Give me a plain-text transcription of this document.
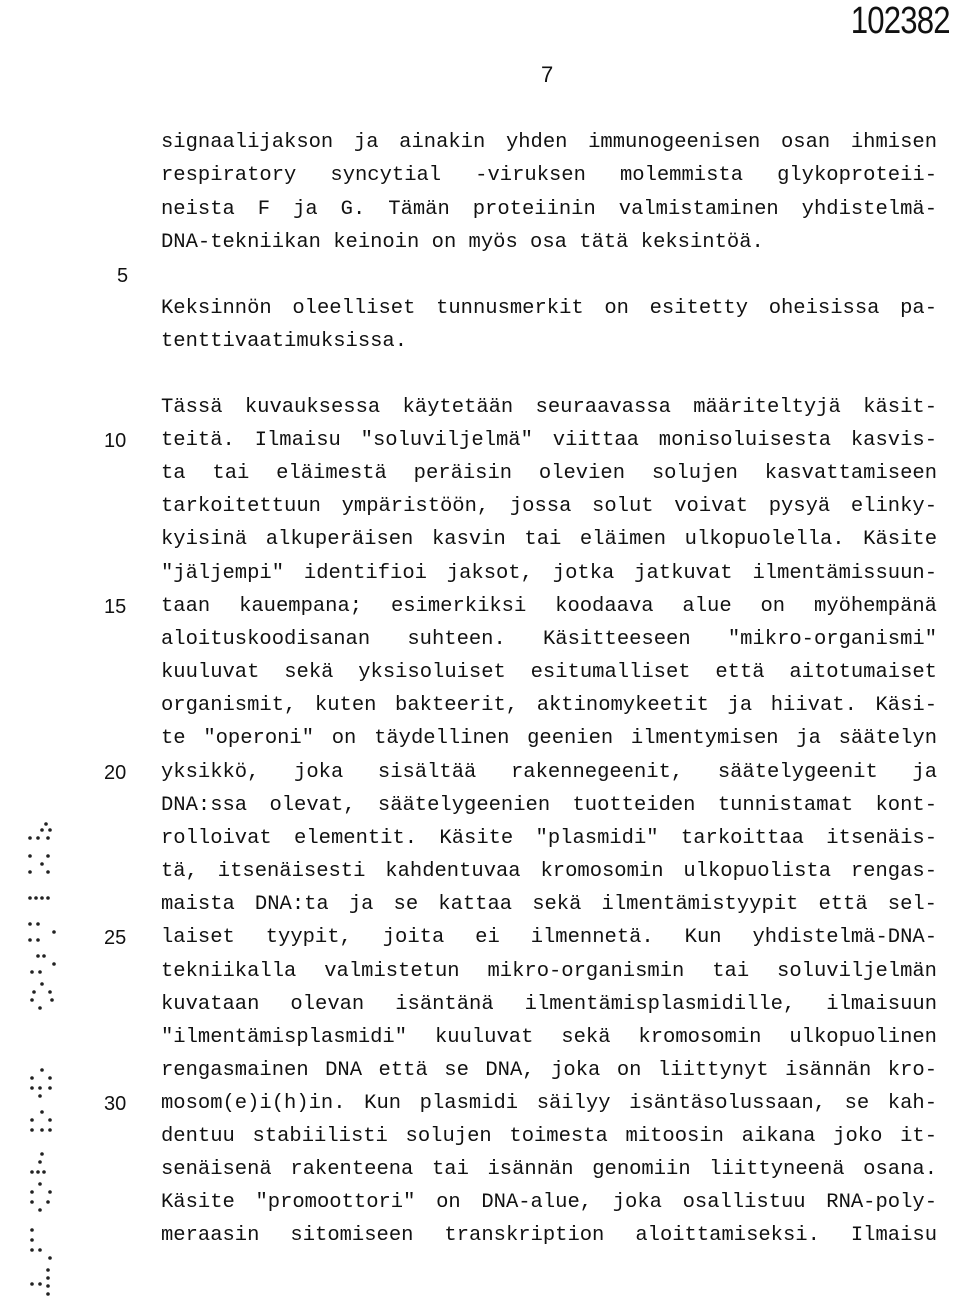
102382
7
signaalijakson ja ainakin yhden immunogeenisen osan ihmisen
respiratory syncytial -viruksen molemmista glykoproteii-
neista F ja G. Tämän proteiinin valmistaminen yhdistelmä-
DNA-tekniikan keinoin on myös osa tätä keksintöä.
Keksinnön oleelliset tunnusmerkit on esitetty oheisissa pa-
tenttivaatimuksissa.
Tässä kuvauksessa käytetään seuraavassa määriteltyjä käsit-
teitä. Ilmaisu "soluviljelmä" viittaa monisoluisesta kasvis-
ta tai eläimestä peräisin olevien solujen kasvattamiseen
tarkoitettuun ympäristöön, jossa solut voivat pysyä elinky-
kyisinä alkuperäisen kasvin tai eläimen ulkopuolella. Käsite
"jäljempi" identifioi jaksot, jotka jatkuvat ilmentämissuun-
taan kauempana; esimerkiksi koodaava alue on myöhempänä
aloituskoodisanan suhteen. Käsitteeseen "mikro-organismi"
kuuluvat sekä yksisoluiset esitumalliset että aitotumaiset
organismit, kuten bakteerit, aktinomykeetit ja hiivat. Käsi-
te "operoni" on täydellinen geenien ilmentymisen ja säätelyn
yksikkö, joka sisältää rakennegeenit, säätelygeenit ja
DNA:ssa olevat, säätelygeenien tuotteiden tunnistamat kont-
rolloivat elementit. Käsite "plasmidi" tarkoittaa itsenäis-
tä, itsenäisesti kahdentuvaa kromosomin ulkopuolista rengas-
maista DNA:ta ja se kattaa sekä ilmentämistyypit että sel-
laiset tyypit, joita ei ilmennetä. Kun yhdistelmä-DNA-
tekniikalla valmistetun mikro-organismin tai soluviljelmän
kuvataan olevan isäntänä ilmentämisplasmidille, ilmaisuun
"ilmentämisplasmidi" kuuluvat sekä kromosomin ulkopuolinen
rengasmainen DNA että se DNA, joka on liittynyt isännän kro-
mosom(e)i(h)in. Kun plasmidi säilyy isäntäsolussaan, se kah-
dentuu stabiilisti solujen toimesta mitoosin aikana joko it-
senäisenä rakenteena tai isännän genomiin liittyneenä osana.
Käsite "promoottori" on DNA-alue, joka osallistuu RNA-poly-
meraasin sitomiseen transkription aloittamiseksi. Ilmaisu
5
10
15
20
25
30
